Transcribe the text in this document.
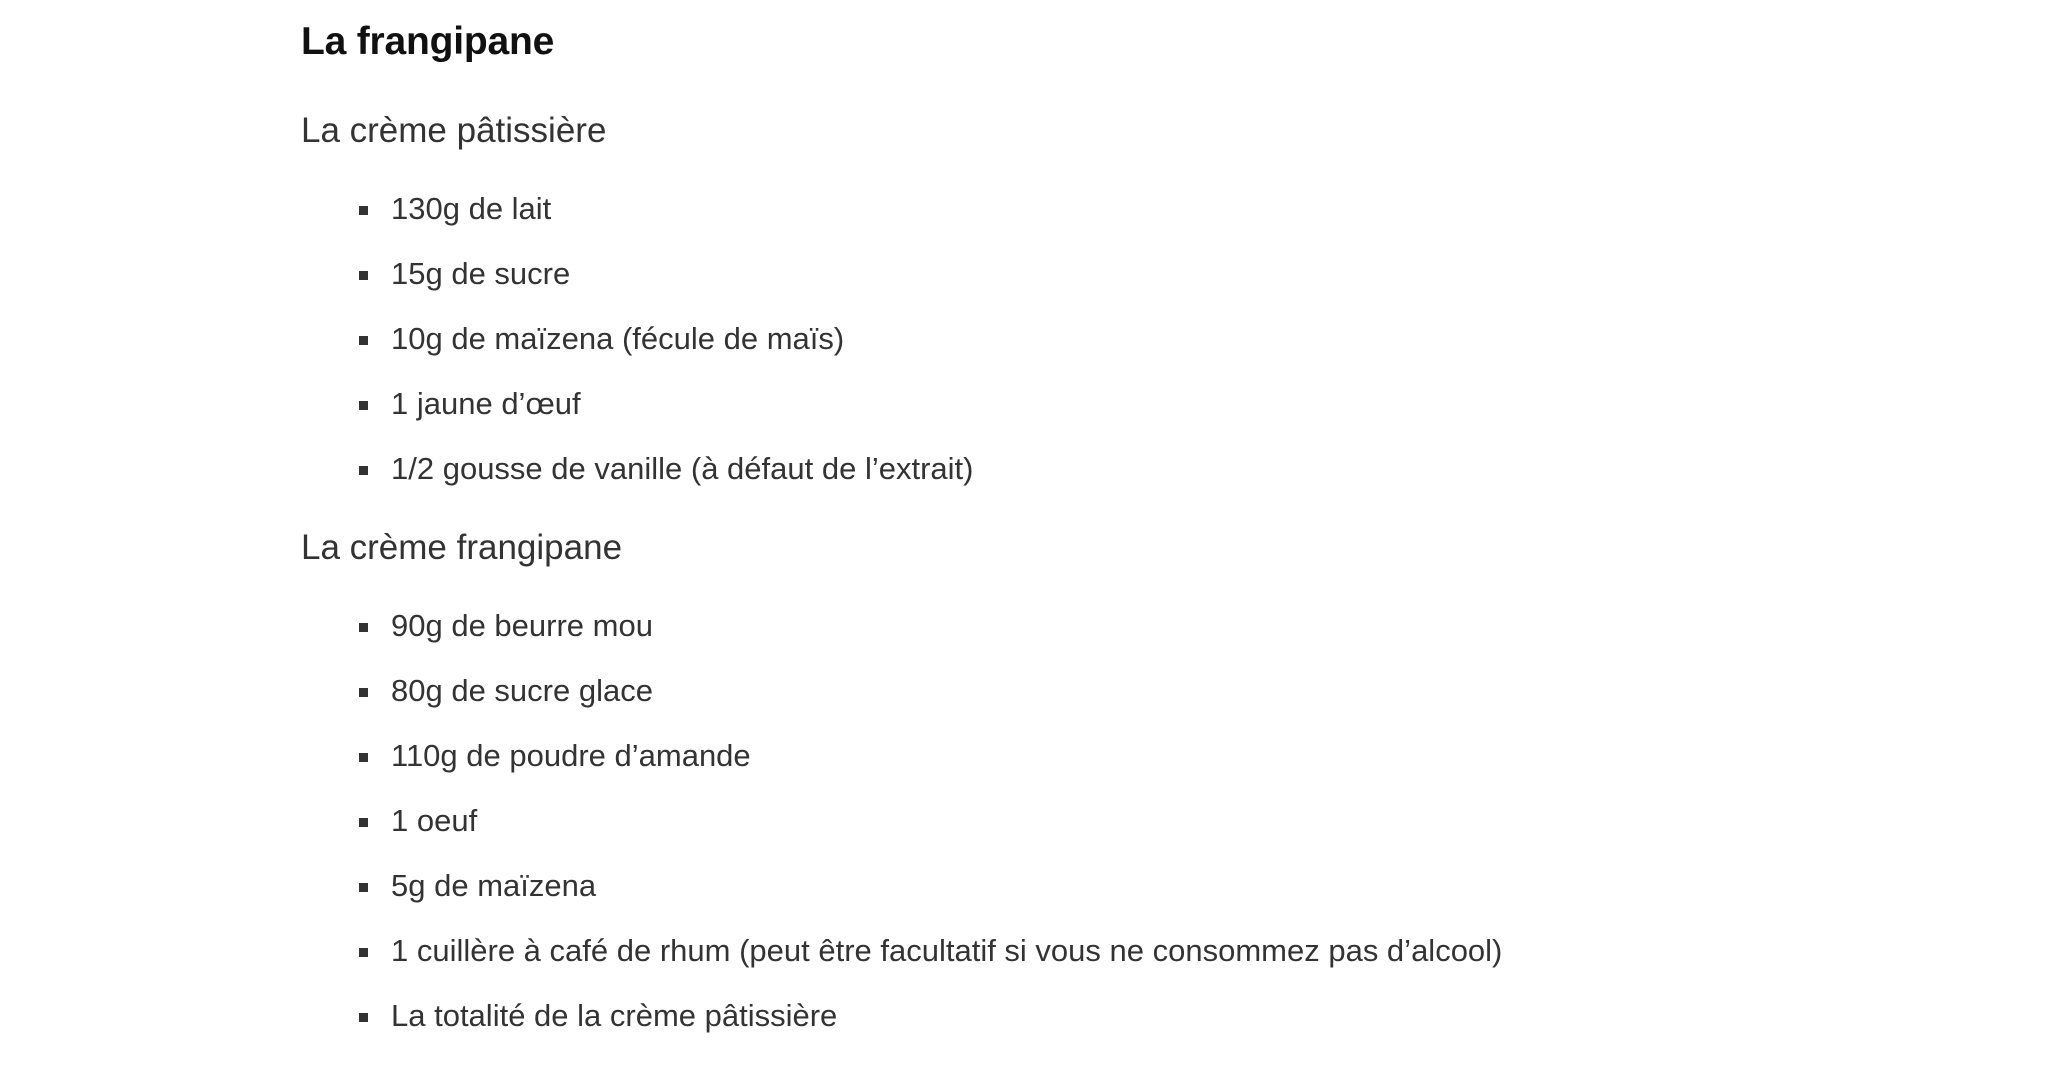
La frangipane
La crème pâtissière
130g de lait
15g de sucre
10g de maïzena (fécule de maïs)
1 jaune d’œuf
1/2 gousse de vanille (à défaut de l’extrait)
La crème frangipane
90g de beurre mou
80g de sucre glace
110g de poudre d’amande
1 oeuf
5g de maïzena
1 cuillère à café de rhum (peut être facultatif si vous ne consommez pas d’alcool)
La totalité de la crème pâtissière
